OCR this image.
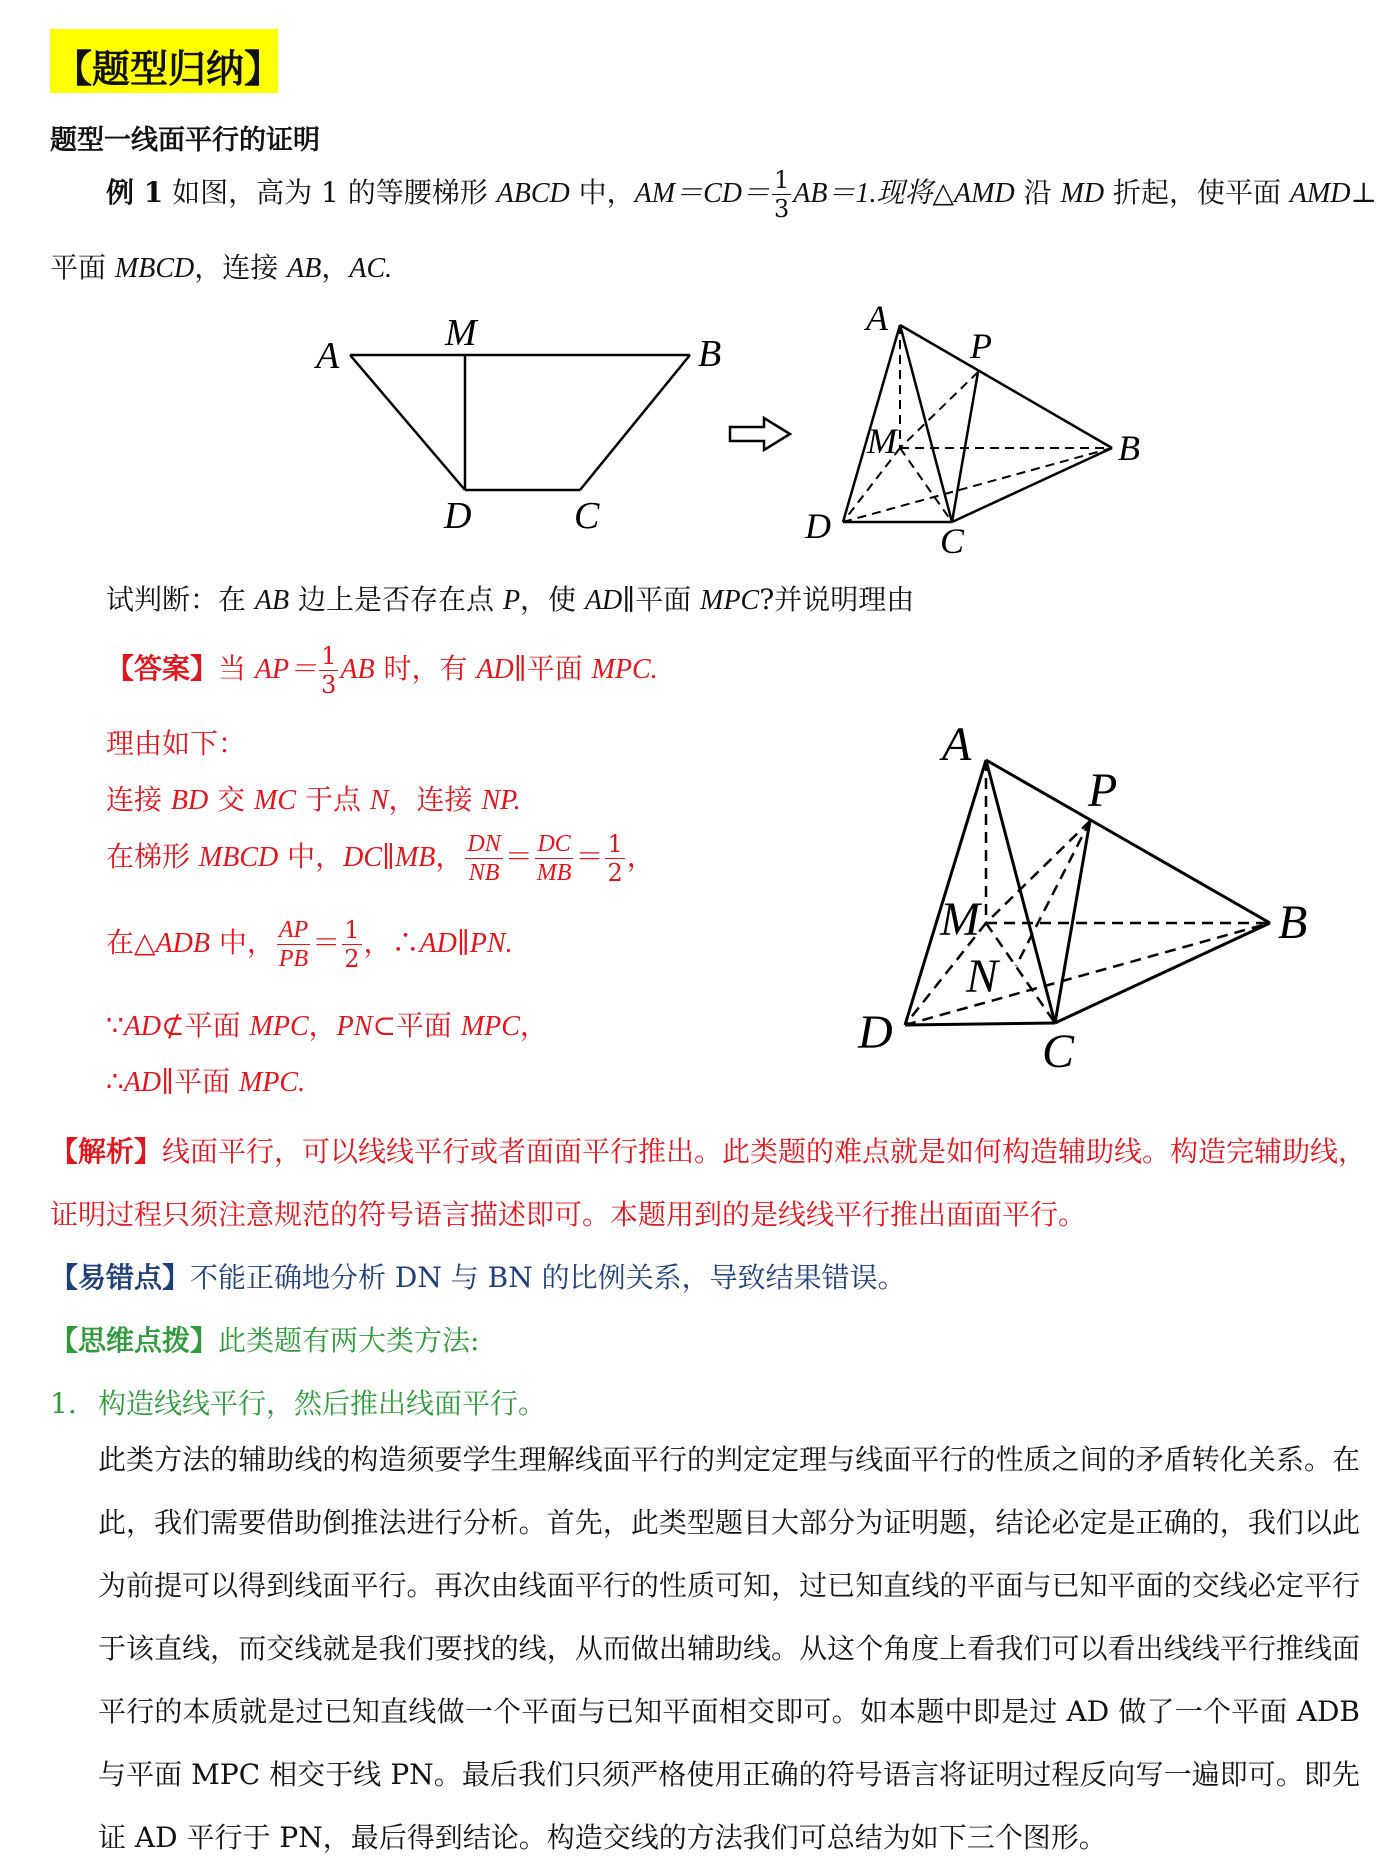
【题型归纳】
题型一线面平行的证明
例 1 如图，高为 1 的等腰梯形 ABCD 中，$AM=CD= \frac{1}{3} AB=1$.现将△AMD 沿 MD 折起，使平面 AMD⊥
平面 MBCD，连接 AB，AC.
A
M	B
D	C
A
P
M	B
D	C
试判断：在 AB 边上是否存在点 P，使 AD∥平面 MPC?并说明理由
【答案】当 $AP= \frac{1}{3}$ AB 时，有 AD∥平面 MPC.
理由如下：
连接 BD 交 MC 于点 N，连接 NP.
在梯形 MBCD 中，DC∥MB， $\frac{DN}{NB} = \frac{DC}{MB} = \frac{1}{2}$ ，
在△ADB 中， $\frac{AP}{PB} = \frac{1}{2}$ ，∴AD∥PN.
∵AD⊄平面 MPC，PN⊂平面 MPC，
∴AD∥平面 MPC.
A
P
M
N
B
D	C
【解析】线面平行，可以线线平行或者面面平行推出。此类题的难点就是如何构造辅助线。构造完辅助线，
证明过程只须注意规范的符号语言描述即可。本题用到的是线线平行推出面面平行。
【易错点】不能正确地分析 DN 与 BN 的比例关系，导致结果错误。
【思维点拨】此类题有两大类方法:
1. 构造线线平行，然后推出线面平行。
此类方法的辅助线的构造须要学生理解线面平行的判定定理与线面平行的性质之间的矛盾转化关系。在此，我们需要借助倒推法进行分析。首先，此类型题目大部分为证明题，结论必定是正确的，我们以此为前提可以得到线面平行。再次由线面平行的性质可知，过已知直线的平面与已知平面的交线必定平行于该直线，而交线就是我们要找的线，从而做出辅助线。从这个角度上看我们可以看出线线平行推线面平行的本质就是过已知直线做一个平面与已知平面相交即可。如本题中即是过 AD 做了一个平面 ADB 与平面 MPC 相交于线 PN。最后我们只须严格使用正确的符号语言将证明过程反向写一遍即可。即先证 AD 平行于 PN，最后得到结论。构造交线的方法我们可总结为如下三个图形。
